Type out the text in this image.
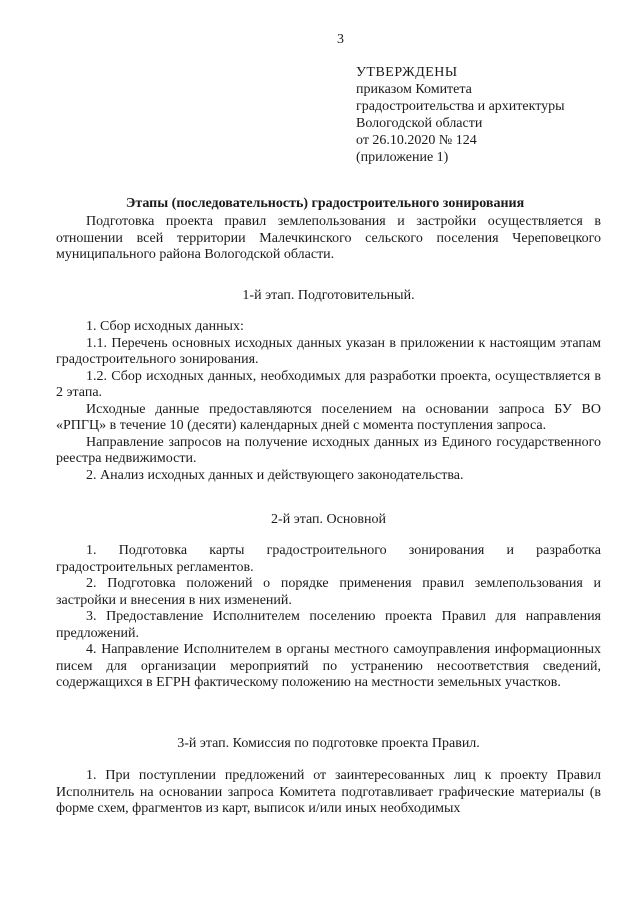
3
УТВЕРЖДЕНЫ
приказом Комитета
градостроительства и архитектуры
Вологодской области
от 26.10.2020 № 124
(приложение 1)
Этапы (последовательность) градостроительного зонирования

Подготовка проекта правил землепользования и застройки осуществляется в отношении всей территории Малечкинского сельского поселения Череповецкого муниципального района Вологодской области.

1-й этап. Подготовительный.

1. Сбор исходных данных:

1.1. Перечень основных исходных данных указан в приложении к настоящим этапам градостроительного зонирования.

1.2. Сбор исходных данных, необходимых для разработки проекта, осуществляется в 2 этапа.

Исходные данные предоставляются поселением на основании запроса БУ ВО «РПГЦ» в течение 10 (десяти) календарных дней с момента поступления запроса.

Направление запросов на получение исходных данных из Единого государственного реестра недвижимости.

2. Анализ исходных данных и действующего законодательства.

2-й этап. Основной

1. Подготовка карты градостроительного зонирования и разработка градостроительных регламентов.

2. Подготовка положений о порядке применения правил землепользования и застройки и внесения в них изменений.

3. Предоставление Исполнителем поселению проекта Правил для направления предложений.

4. Направление Исполнителем в органы местного самоуправления информационных писем для организации мероприятий по устранению несоответствия сведений, содержащихся в ЕГРН фактическому положению на местности земельных участков.

3-й этап. Комиссия по подготовке проекта Правил.

1. При поступлении предложений от заинтересованных лиц к проекту Правил Исполнитель на основании запроса Комитета подготавливает графические материалы (в форме схем, фрагментов из карт, выписок и/или иных необходимых
